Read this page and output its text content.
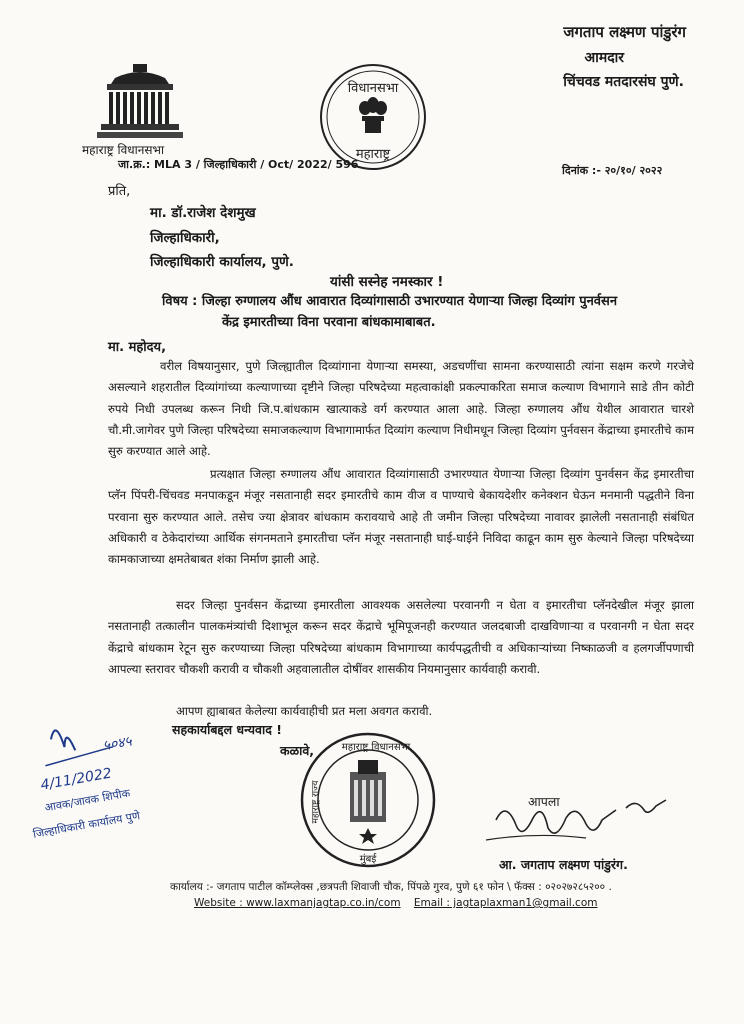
जगताप लक्ष्मण पांडुरंग
आमदार
चिंचवड मतदारसंघ पुणे.
महाराष्ट्र विधानसभा
जा.क्र.: MLA 3 / जिल्हाधिकारी / Oct/ 2022/ 596
विधानसभा
महाराष्ट्र
दिनांक :- २०/१०/ २०२२
प्रति,
मा. डॉ.राजेश देशमुख
जिल्हाधिकारी,
जिल्हाधिकारी कार्यालय, पुणे.
यांसी सस्नेह नमस्कार !
विषय : जिल्हा रुग्णालय औंध आवारात दिव्यांगासाठी उभारण्यात येणाऱ्या जिल्हा दिव्यांग पुनर्वसन
केंद्र इमारतीच्या विना परवाना बांधकामाबाबत.
मा. महोदय,
वरील विषयानुसार, पुणे जिल्ह्यातील दिव्यांगाना येणाऱ्या समस्या, अडचणींचा सामना करण्यासाठी त्यांना सक्षम करणे गरजेचे असल्याने शहरातील दिव्यांगांच्या कल्याणाच्या दृष्टीने जिल्हा परिषदेच्या महत्वाकांक्षी प्रकल्पाकरिता समाज कल्याण विभागाने साडे तीन कोटी रुपये निधी उपलब्ध करून निधी जि.प.बांधकाम खात्याकडे वर्ग करण्यात आला आहे. जिल्हा रुग्णालय औंध येथील आवारात चारशे चौ.मी.जागेवर पुणे जिल्हा परिषदेच्या समाजकल्याण विभागामार्फत दिव्यांग कल्याण निधीमधून जिल्हा दिव्यांग पुर्नवसन केंद्राच्या इमारतीचे काम सुरु करण्यात आले आहे.
प्रत्यक्षात जिल्हा रुग्णालय औंध आवारात दिव्यांगासाठी उभारण्यात येणाऱ्या जिल्हा दिव्यांग पुनर्वसन केंद्र इमारतीचा प्लॅन पिंपरी-चिंचवड मनपाकडून मंजूर नसतानाही सदर इमारतीचे काम वीज व पाण्याचे बेकायदेशीर कनेक्शन घेऊन मनमानी पद्धतीने विना परवाना सुरु करण्यात आले. तसेच ज्या क्षेत्रावर बांधकाम करावयाचे आहे ती जमीन जिल्हा परिषदेच्या नावावर झालेली नसतानाही संबंधित अधिकारी व ठेकेदारांच्या आर्थिक संगनमताने इमारतीचा प्लॅन मंजूर नसतानाही घाई-घाईने निविदा काढून काम सुरु केल्याने जिल्हा परिषदेच्या कामकाजाच्या क्षमतेबाबत शंका निर्माण झाली आहे.
सदर जिल्हा पुनर्वसन केंद्राच्या इमारतीला आवश्यक असलेल्या परवानगी न घेता व इमारतीचा प्लॅनदेखील मंजूर झाला नसतानाही तत्कालीन पालकमंत्र्यांची दिशाभूल करून सदर केंद्राचे भूमिपूजनही करण्यात जलदबाजी दाखविणाऱ्या व परवानगी न घेता सदर केंद्राचे बांधकाम रेटून सुरु करण्याच्या जिल्हा परिषदेच्या बांधकाम विभागाच्या कार्यपद्धतीची व अधिकाऱ्यांच्या निष्काळजी व हलगर्जीपणाची आपल्या स्तरावर चौकशी करावी व चौकशी अहवालातील दोषींवर शासकीय नियमानुसार कार्यवाही करावी.
आपण ह्याबाबत केलेल्या कार्यवाहीची प्रत मला अवगत करावी.
सहकार्याबद्दल धन्यवाद !
कळावे,	महाराष्ट्र विधानसभा
महाराष्ट्र राज्य
मुंबई
५०४५
4/11/2022
आवक/जावक शिपीक
जिल्हाधिकारी कार्यालय पुणे
आपला
आ. जगताप लक्ष्मण पांडुरंग.
कार्यालय :- जगताप पाटील कॉम्प्लेक्स ,छत्रपती शिवाजी चौक, पिंपळे गुरव, पुणे ६१ फोन \ फॅक्स : ०२०२७२८५२०० .
Website : www.laxmanjagtap.co.in/com Email : jagtaplaxman1@gmail.com
